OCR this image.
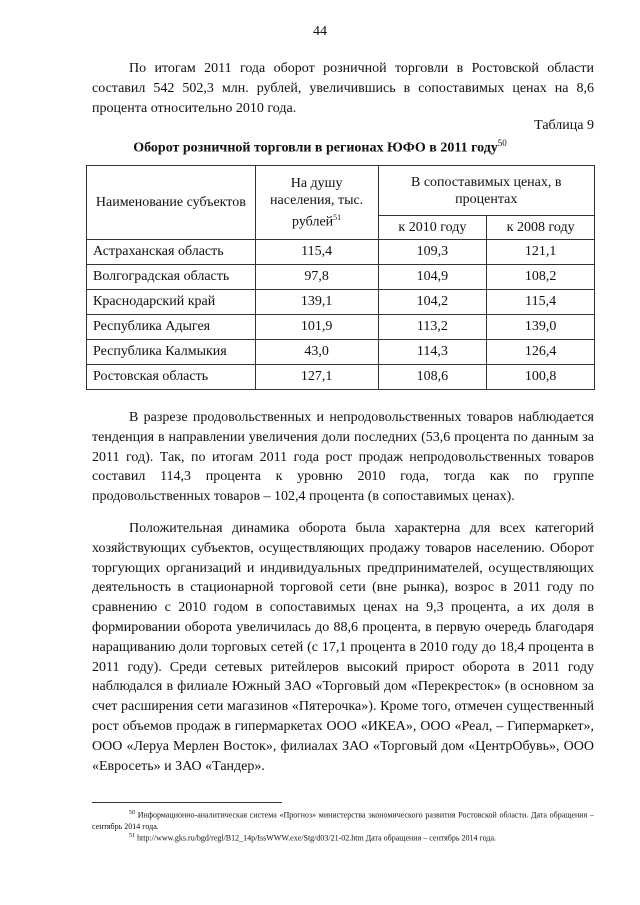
44

По итогам 2011 года оборот розничной торговли в Ростовской области составил 542 502,3 млн. рублей, увеличившись в сопоставимых ценах на 8,6 процента относительно 2010 года.

Таблица 9
Оборот розничной торговли в регионах ЮФО в 2011 году$^{50}$
Наименование субъектов	На душу населения, тыс. рублей$^{51}$	В сопоставимых ценах, в процентах	
		к 2010 году	к 2008 году
Астраханская область	115,4	109,3	121,1
Волгоградская область	97,8	104,9	108,2
Краснодарский край	139,1	104,2	115,4
Республика Адыгея	101,9	113,2	139,0
Республика Калмыкия	43,0	114,3	126,4
Ростовская область	127,1	108,6	100,8

В разрезе продовольственных и непродовольственных товаров наблюдается тенденция в направлении увеличения доли последних (53,6 процента по данным за 2011 год). Так, по итогам 2011 года рост продаж непродовольственных товаров составил 114,3 процента к уровню 2010 года, тогда как по группе продовольственных товаров – 102,4 процента (в сопоставимых ценах).

Положительная динамика оборота была характерна для всех категорий хозяйствующих субъектов, осуществляющих продажу товаров населению. Оборот торгующих организаций и индивидуальных предпринимателей, осуществляющих деятельность в стационарной торговой сети (вне рынка), возрос в 2011 году по сравнению с 2010 годом в сопоставимых ценах на 9,3 процента, а их доля в формировании оборота увеличилась до 88,6 процента, в первую очередь благодаря наращиванию доли торговых сетей (с 17,1 процента в 2010 году до 18,4 процента в 2011 году). Среди сетевых ритейлеров высокий прирост оборота в 2011 году наблюдался в филиале Южный ЗАО «Торговый дом «Перекресток» (в основном за счет расширения сети магазинов «Пятерочка»). Кроме того, отмечен существенный рост объемов продаж в гипермаркетах ООО «ИКЕА», ООО «Реал, – Гипермаркет», ООО «Леруа Мерлен Восток», филиалах ЗАО «Торговый дом «ЦентрОбувь», ООО «Евросеть» и ЗАО «Тандер».

$^{50}$ Информационно-аналитическая система «Прогноз» министерства экономического развития Ростовской области. Дата обращения – сентябрь 2014 года.

$^{51}$ http://www.gks.ru/bgd/regl/B12_14p/IssWWW.exe/Stg/d03/21-02.htm Дата обращения – сентябрь 2014 года.
